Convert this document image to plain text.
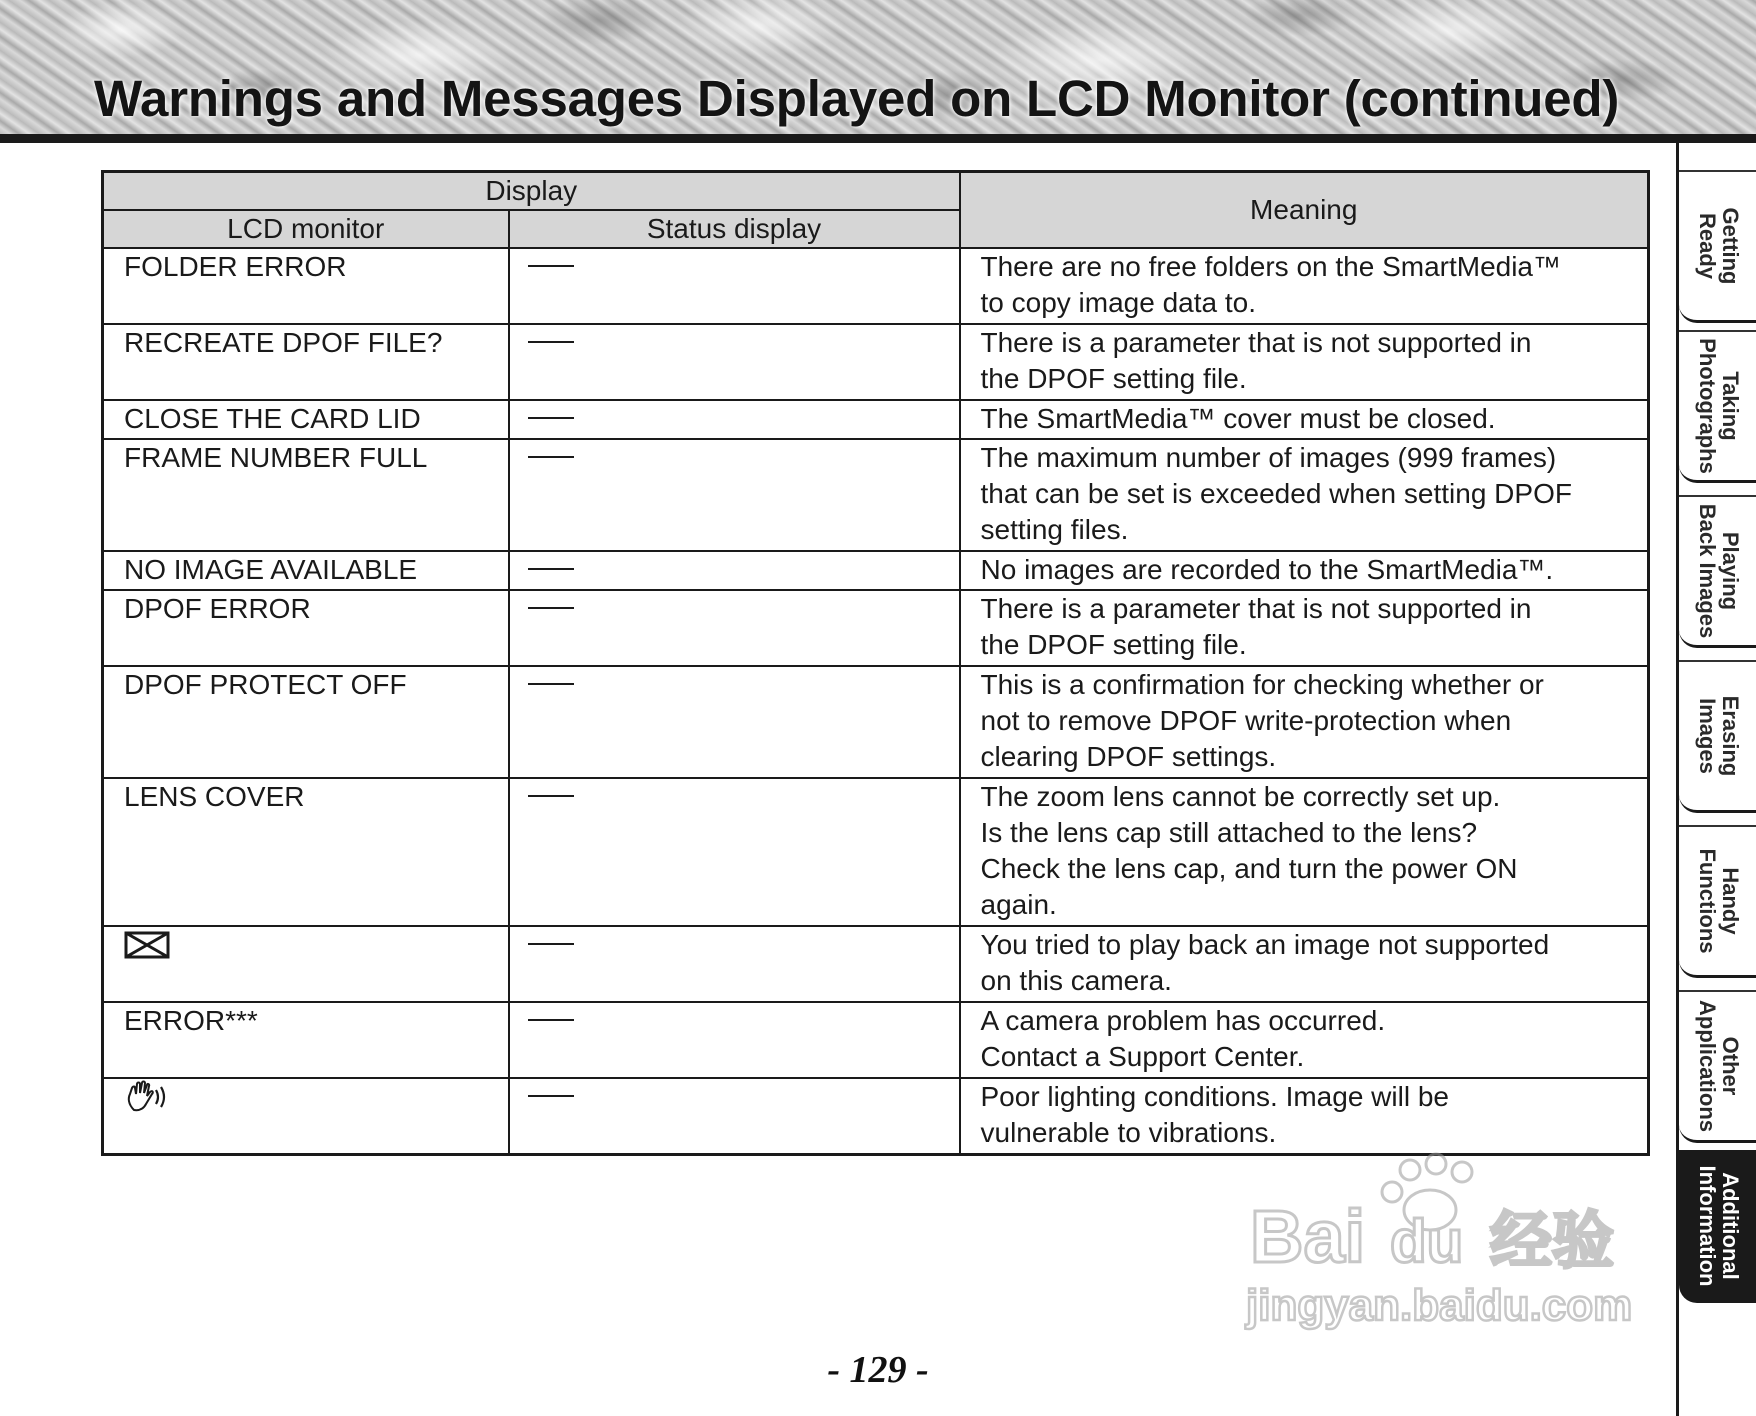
Warnings and Messages Displayed on LCD Monitor (continued)
Display		Meaning
LCD monitor	Status display	
FOLDER ERROR		There are no free folders on the SmartMedia™
to copy image data to.
RECREATE DPOF FILE?		There is a parameter that is not supported in
the DPOF setting file.
CLOSE THE CARD LID		The SmartMedia™ cover must be closed.
FRAME NUMBER FULL		The maximum number of images (999 frames)
that can be set is exceeded when setting DPOF
setting files.
NO IMAGE AVAILABLE		No images are recorded to the SmartMedia™.
DPOF ERROR		There is a parameter that is not supported in
the DPOF setting file.
DPOF PROTECT OFF		This is a confirmation for checking whether or
not to remove DPOF write-protection when
clearing DPOF settings.
LENS COVER		The zoom lens cannot be correctly set up.
Is the lens cap still attached to the lens?
Check the lens cap, and turn the power ON
again.
		You tried to play back an image not supported
on this camera.
ERROR***		A camera problem has occurred.
Contact a Support Center.
		Poor lighting conditions. Image will be
vulnerable to vibrations.
Getting
Ready
Taking
Photographs
Playing
Back Images
Erasing
Images
Handy
Functions
Other
Applications
Additional
Information
- 129 -
Bai du 经验
jingyan.baidu.com
